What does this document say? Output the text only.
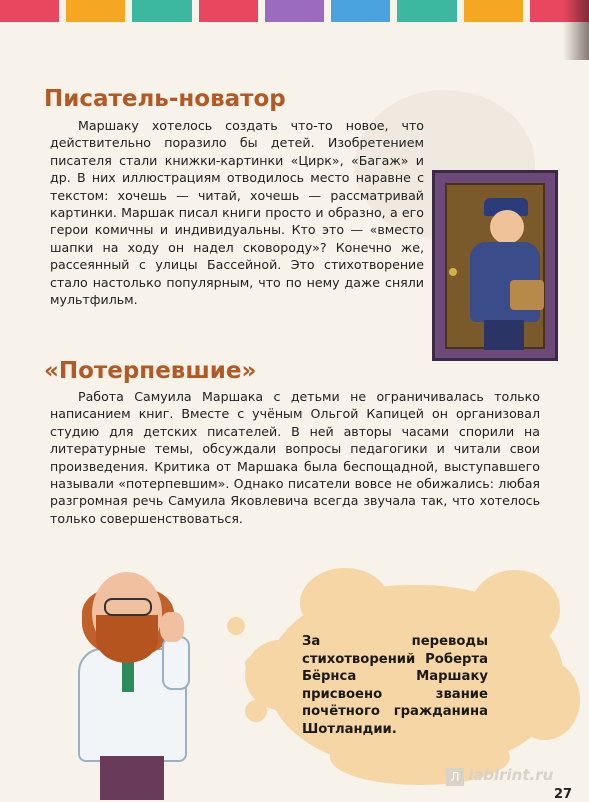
Писатель-новатор

Маршаку хотелось создать что-то новое, что действительно поразило бы детей. Изобретением писателя стали книжки-картинки «Цирк», «Багаж» и др. В них иллюстрациям отводилось место наравне с текстом: хочешь — читай, хочешь — рассматривай картинки. Маршак писал книги просто и образно, а его герои комичны и индивидуальны. Кто это — «вместо шапки на ходу он надел сковороду»? Конечно же, рассеянный с улицы Бассейной. Это стихотворение стало настолько популярным, что по нему даже сняли мультфильм.

«Потерпевшие»

Работа Самуила Маршака с детьми не ограничивалась только написанием книг. Вместе с учёным Ольгой Капицей он организовал студию для детских писателей. В ней авторы часами спорили на литературные темы, обсуждали вопросы педагогики и читали свои произведения. Критика от Маршака была беспощадной, выступавшего называли «потерпевшим». Однако писатели вовсе не обижались: любая разгромная речь Самуила Яковлевича всегда звучала так, что хотелось только совершенствоваться.

За переводы стихотворений Роберта Бёрнса Маршаку присвоено звание почётного гражданина Шотландии.

Л labirint.ru
27
